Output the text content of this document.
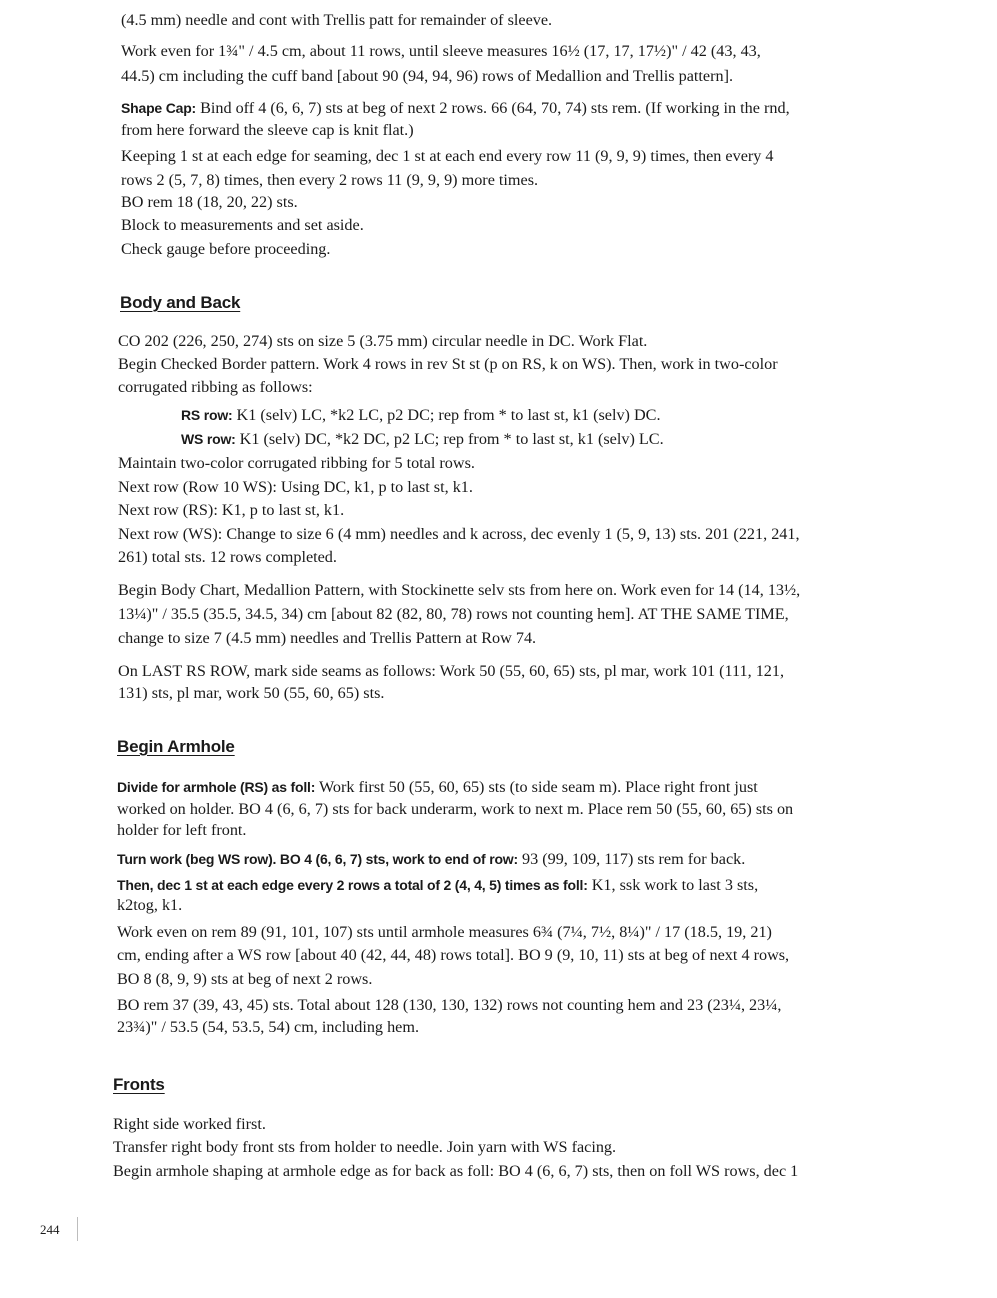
(4.5 mm) needle and cont with Trellis patt for remainder of sleeve.
Work even for 1¾" / 4.5 cm, about 11 rows, until sleeve measures 16½ (17, 17, 17½)" / 42 (43, 43,
44.5) cm including the cuff band [about 90 (94, 94, 96) rows of Medallion and Trellis pattern].
Shape Cap: Bind off 4 (6, 6, 7) sts at beg of next 2 rows. 66 (64, 70, 74) sts rem. (If working in the rnd,
from here forward the sleeve cap is knit flat.)
Keeping 1 st at each edge for seaming, dec 1 st at each end every row 11 (9, 9, 9) times, then every 4
rows 2 (5, 7, 8) times, then every 2 rows 11 (9, 9, 9) more times.
BO rem 18 (18, 20, 22) sts.
Block to measurements and set aside.
Check gauge before proceeding.
Body and Back
CO 202 (226, 250, 274) sts on size 5 (3.75 mm) circular needle in DC. Work Flat.
Begin Checked Border pattern. Work 4 rows in rev St st (p on RS, k on WS). Then, work in two-color
corrugated ribbing as follows:
RS row: K1 (selv) LC, *k2 LC, p2 DC; rep from * to last st, k1 (selv) DC.
WS row: K1 (selv) DC, *k2 DC, p2 LC; rep from * to last st, k1 (selv) LC.
Maintain two-color corrugated ribbing for 5 total rows.
Next row (Row 10 WS): Using DC, k1, p to last st, k1.
Next row (RS): K1, p to last st, k1.
Next row (WS): Change to size 6 (4 mm) needles and k across, dec evenly 1 (5, 9, 13) sts. 201 (221, 241,
261) total sts. 12 rows completed.
Begin Body Chart, Medallion Pattern, with Stockinette selv sts from here on. Work even for 14 (14, 13½,
13¼)" / 35.5 (35.5, 34.5, 34) cm [about 82 (82, 80, 78) rows not counting hem]. AT THE SAME TIME,
change to size 7 (4.5 mm) needles and Trellis Pattern at Row 74.
On LAST RS ROW, mark side seams as follows: Work 50 (55, 60, 65) sts, pl mar, work 101 (111, 121,
131) sts, pl mar, work 50 (55, 60, 65) sts.
Begin Armhole
Divide for armhole (RS) as foll: Work first 50 (55, 60, 65) sts (to side seam m). Place right front just
worked on holder. BO 4 (6, 6, 7) sts for back underarm, work to next m. Place rem 50 (55, 60, 65) sts on
holder for left front.
Turn work (beg WS row). BO 4 (6, 6, 7) sts, work to end of row: 93 (99, 109, 117) sts rem for back.
Then, dec 1 st at each edge every 2 rows a total of 2 (4, 4, 5) times as foll: K1, ssk work to last 3 sts,
k2tog, k1.
Work even on rem 89 (91, 101, 107) sts until armhole measures 6¾ (7¼, 7½, 8¼)" / 17 (18.5, 19, 21)
cm, ending after a WS row [about 40 (42, 44, 48) rows total]. BO 9 (9, 10, 11) sts at beg of next 4 rows,
BO 8 (8, 9, 9) sts at beg of next 2 rows.
BO rem 37 (39, 43, 45) sts. Total about 128 (130, 130, 132) rows not counting hem and 23 (23¼, 23¼,
23¾)" / 53.5 (54, 53.5, 54) cm, including hem.
Fronts
Right side worked first.
Transfer right body front sts from holder to needle. Join yarn with WS facing.
Begin armhole shaping at armhole edge as for back as foll: BO 4 (6, 6, 7) sts, then on foll WS rows, dec 1
244
